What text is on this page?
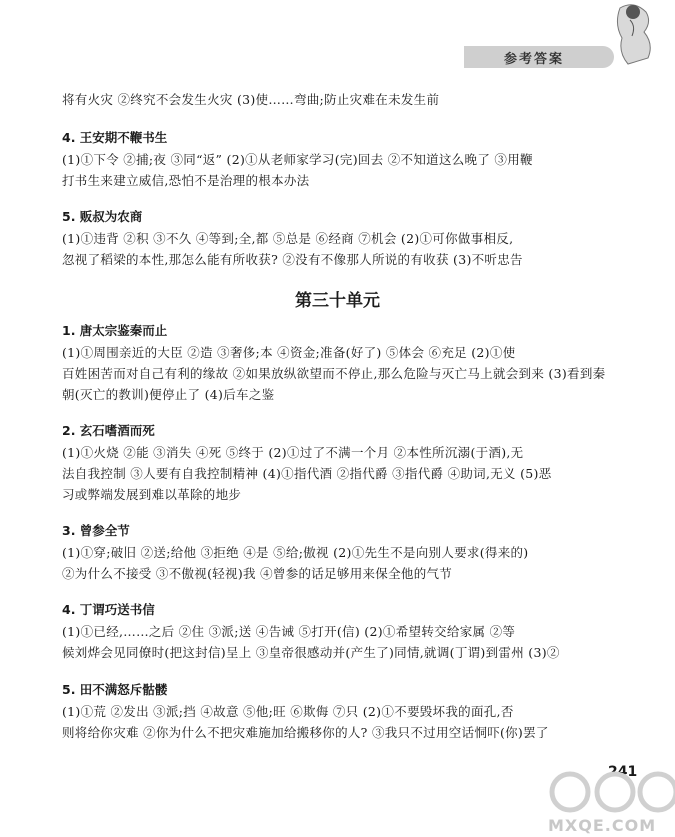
参考答案
将有火灾 ②终究不会发生火灾 (3)使……弯曲;防止灾难在未发生前
4. 王安期不鞭书生
(1)①下令 ②捕;夜 ③同“返” (2)①从老师家学习(完)回去 ②不知道这么晚了 ③用鞭
打书生来建立威信,恐怕不是治理的根本办法
5. 贩叔为农商
(1)①违背 ②积 ③不久 ④等到;全,都 ⑤总是 ⑥经商 ⑦机会 (2)①可你做事相反,
忽视了稻梁的本性,那怎么能有所收获? ②没有不像那人所说的有收获 (3)不听忠告
第三十单元
1. 唐太宗鉴秦而止
(1)①周围亲近的大臣 ②造 ③奢侈;本 ④资金;准备(好了) ⑤体会 ⑥充足 (2)①使
百姓困苦而对自己有利的缘故 ②如果放纵欲望而不停止,那么危险与灭亡马上就会到来 (3)看到秦
朝(灭亡的教训)便停止了 (4)后车之鉴
2. 玄石嗜酒而死
(1)①火烧 ②能 ③消失 ④死 ⑤终于 (2)①过了不满一个月 ②本性所沉溺(于酒),无
法自我控制 ③人要有自我控制精神 (4)①指代酒 ②指代爵 ③指代爵 ④助词,无义 (5)恶
习或弊端发展到难以革除的地步
3. 曾参全节
(1)①穿;破旧 ②送;给他 ③拒绝 ④是 ⑤给;傲视 (2)①先生不是向别人要求(得来的)
②为什么不接受 ③不傲视(轻视)我 ④曾参的话足够用来保全他的气节
4. 丁谓巧送书信
(1)①已经,……之后 ②住 ③派;送 ④告诫 ⑤打开(信) (2)①希望转交给家属 ②等
候刘烨会见同僚时(把这封信)呈上 ③皇帝很感动并(产生了)同情,就调(丁谓)到雷州 (3)②
5. 田不满怒斥骷髅
(1)①荒 ②发出 ③派;挡 ④故意 ⑤他;旺 ⑥欺侮 ⑦只 (2)①不要毁坏我的面孔,否
则将给你灾难 ②你为什么不把灾难施加给搬移你的人? ③我只不过用空话恫吓(你)罢了
241
MXQE.COM
